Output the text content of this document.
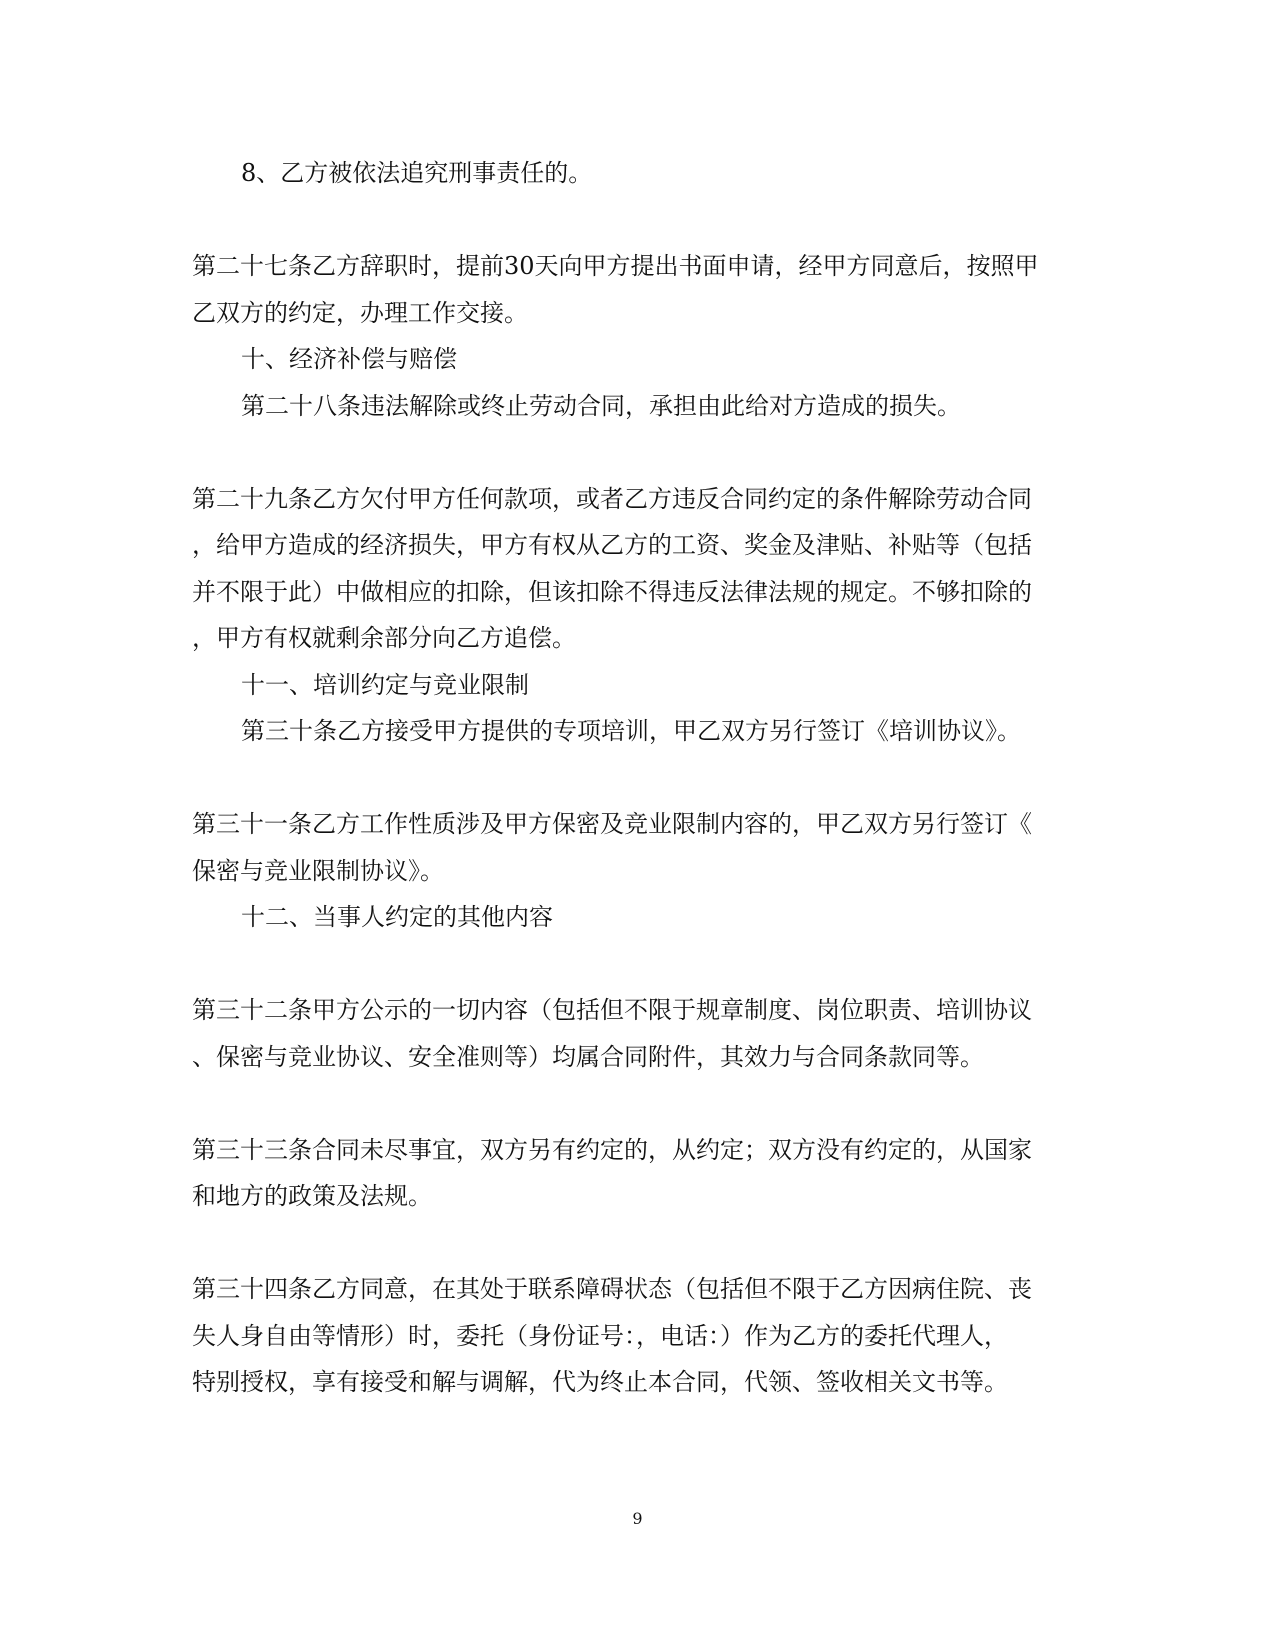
8、乙方被依法追究刑事责任的。
第二十七条乙方辞职时，提前30天向甲方提出书面申请，经甲方同意后，按照甲
乙双方的约定，办理工作交接。
十、经济补偿与赔偿
第二十八条违法解除或终止劳动合同，承担由此给对方造成的损失。
第二十九条乙方欠付甲方任何款项，或者乙方违反合同约定的条件解除劳动合同
，给甲方造成的经济损失，甲方有权从乙方的工资、奖金及津贴、补贴等（包括
并不限于此）中做相应的扣除，但该扣除不得违反法律法规的规定。不够扣除的
，甲方有权就剩余部分向乙方追偿。
十一、培训约定与竞业限制
第三十条乙方接受甲方提供的专项培训，甲乙双方另行签订《培训协议》。
第三十一条乙方工作性质涉及甲方保密及竞业限制内容的，甲乙双方另行签订《
保密与竞业限制协议》。
十二、当事人约定的其他内容
第三十二条甲方公示的一切内容（包括但不限于规章制度、岗位职责、培训协议
、保密与竞业协议、安全准则等）均属合同附件，其效力与合同条款同等。
第三十三条合同未尽事宜，双方另有约定的，从约定；双方没有约定的，从国家
和地方的政策及法规。
第三十四条乙方同意，在其处于联系障碍状态（包括但不限于乙方因病住院、丧
失人身自由等情形）时，委托（身份证号：，电话：）作为乙方的委托代理人，
特别授权，享有接受和解与调解，代为终止本合同，代领、签收相关文书等。
9
